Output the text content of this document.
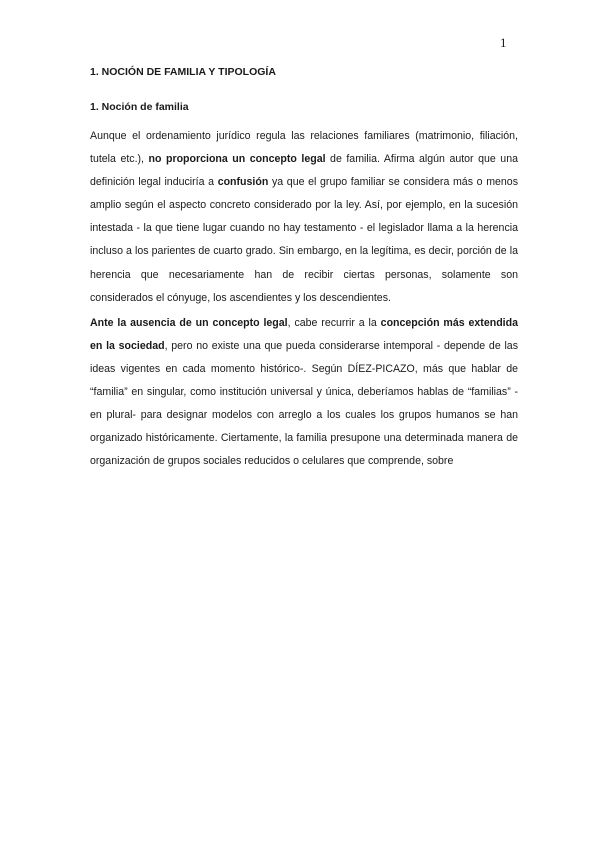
1
1. NOCIÓN DE FAMILIA Y TIPOLOGÍA
1. Noción de familia

Aunque el ordenamiento jurídico regula las relaciones familiares (matrimonio, filiación, tutela etc.), no proporciona un concepto legal de familia. Afirma algún autor que una definición legal induciría a confusión ya que el grupo familiar se considera más o menos amplio según el aspecto concreto considerado por la ley. Así, por ejemplo, en la sucesión intestada - la que tiene lugar cuando no hay testamento - el legislador llama a la herencia incluso a los parientes de cuarto grado. Sin embargo, en la legítima, es decir, porción de la herencia que necesariamente han de recibir ciertas personas, solamente son considerados el cónyuge, los ascendientes y los descendientes.

Ante la ausencia de un concepto legal, cabe recurrir a la concepción más extendida en la sociedad, pero no existe una que pueda considerarse intemporal - depende de las ideas vigentes en cada momento histórico-. Según DÍEZ-PICAZO, más que hablar de “familia” en singular, como institución universal y única, deberíamos hablas de “familias” - en plural- para designar modelos con arreglo a los cuales los grupos humanos se han organizado históricamente. Ciertamente, la familia presupone una determinada manera de organización de grupos sociales reducidos o celulares que comprende, sobre
